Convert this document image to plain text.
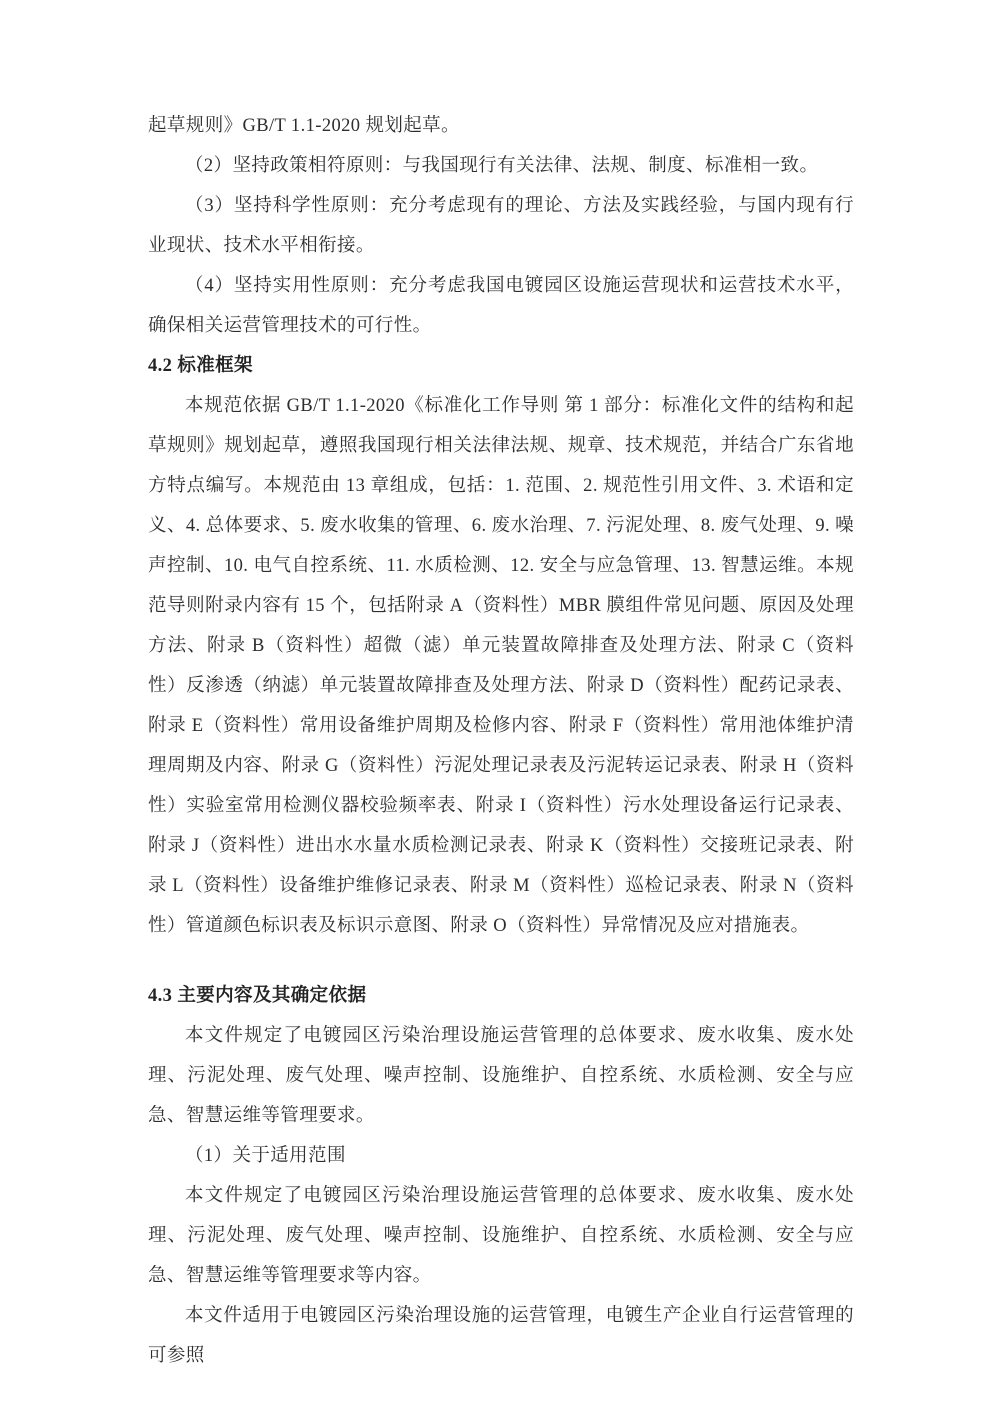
起草规则》GB/T 1.1-2020 规划起草。
（2）坚持政策相符原则：与我国现行有关法律、法规、制度、标准相一致。
（3）坚持科学性原则：充分考虑现有的理论、方法及实践经验，与国内现有行业现状、技术水平相衔接。
（4）坚持实用性原则：充分考虑我国电镀园区设施运营现状和运营技术水平，确保相关运营管理技术的可行性。
4.2 标准框架
本规范依据 GB/T 1.1-2020《标准化工作导则 第 1 部分：标准化文件的结构和起草规则》规划起草，遵照我国现行相关法律法规、规章、技术规范，并结合广东省地方特点编写。本规范由 13 章组成，包括：1. 范围、2. 规范性引用文件、3. 术语和定义、4. 总体要求、5. 废水收集的管理、6. 废水治理、7. 污泥处理、8. 废气处理、9. 噪声控制、10. 电气自控系统、11. 水质检测、12. 安全与应急管理、13. 智慧运维。本规范导则附录内容有 15 个，包括附录 A（资料性）MBR 膜组件常见问题、原因及处理方法、附录 B（资料性）超微（滤）单元装置故障排查及处理方法、附录 C（资料性）反渗透（纳滤）单元装置故障排查及处理方法、附录 D（资料性）配药记录表、附录 E（资料性）常用设备维护周期及检修内容、附录 F（资料性）常用池体维护清理周期及内容、附录 G（资料性）污泥处理记录表及污泥转运记录表、附录 H（资料性）实验室常用检测仪器校验频率表、附录 I（资料性）污水处理设备运行记录表、附录 J（资料性）进出水水量水质检测记录表、附录 K（资料性）交接班记录表、附录 L（资料性）设备维护维修记录表、附录 M（资料性）巡检记录表、附录 N（资料性）管道颜色标识表及标识示意图、附录 O（资料性）异常情况及应对措施表。
4.3 主要内容及其确定依据
本文件规定了电镀园区污染治理设施运营管理的总体要求、废水收集、废水处理、污泥处理、废气处理、噪声控制、设施维护、自控系统、水质检测、安全与应急、智慧运维等管理要求。
（1）关于适用范围
本文件规定了电镀园区污染治理设施运营管理的总体要求、废水收集、废水处理、污泥处理、废气处理、噪声控制、设施维护、自控系统、水质检测、安全与应急、智慧运维等管理要求等内容。
本文件适用于电镀园区污染治理设施的运营管理，电镀生产企业自行运营管理的可参照
